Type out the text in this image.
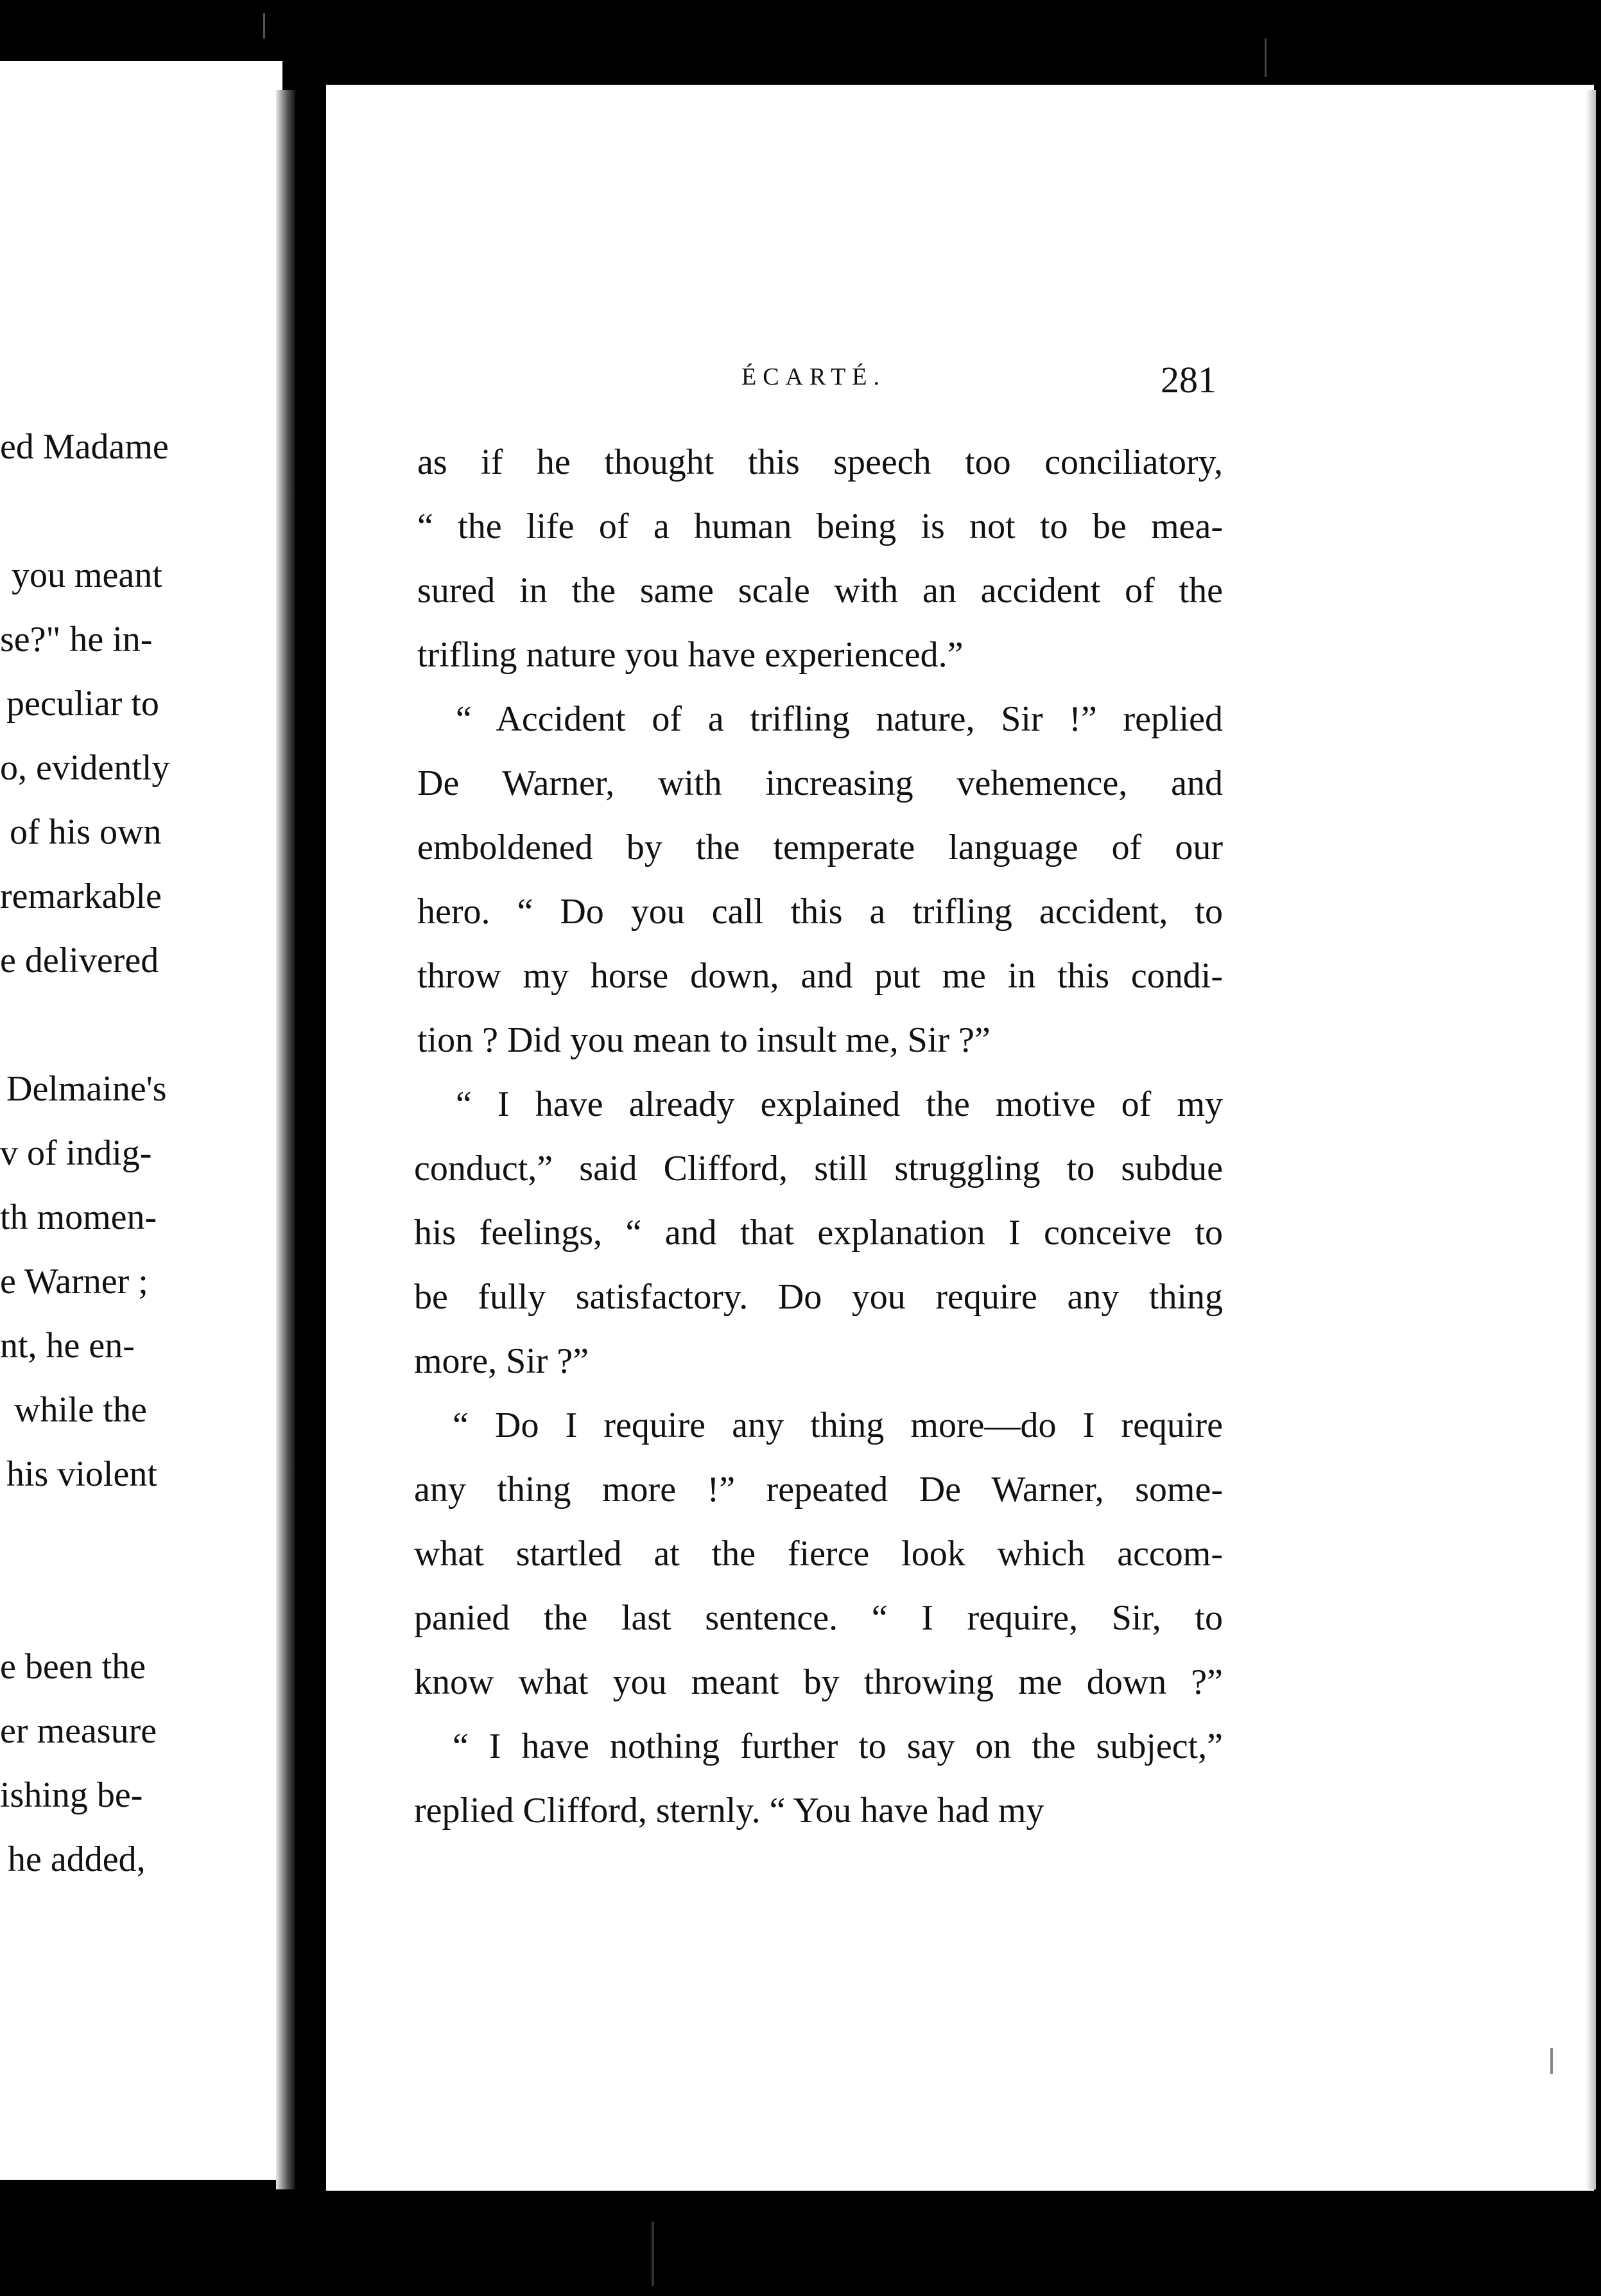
ed Madame
you meant
se?" he in-
peculiar to
o, evidently
of his own
remarkable
e delivered
Delmaine's
v of indig-
th momen-
e Warner ;
nt, he en-
while the
his violent
e been the
er measure
ishing be-
he added,
ÉCARTÉ.	281
as if he thought this speech too conciliatory,
“ the life of a human being is not to be mea-
sured in the same scale with an accident of the
trifling nature you have experienced.”
“ Accident of a trifling nature, Sir !” replied
De Warner, with increasing vehemence, and
emboldened by the temperate language of our
hero. “ Do you call this a trifling accident, to
throw my horse down, and put me in this condi-
tion ? Did you mean to insult me, Sir ?”
“ I have already explained the motive of my
conduct,” said Clifford, still struggling to subdue
his feelings, “ and that explanation I conceive to
be fully satisfactory. Do you require any thing
more, Sir ?”
“ Do I require any thing more—do I require
any thing more !” repeated De Warner, some-
what startled at the fierce look which accom-
panied the last sentence. “ I require, Sir, to
know what you meant by throwing me down ?”
“ I have nothing further to say on the subject,”
replied Clifford, sternly. “ You have had my
